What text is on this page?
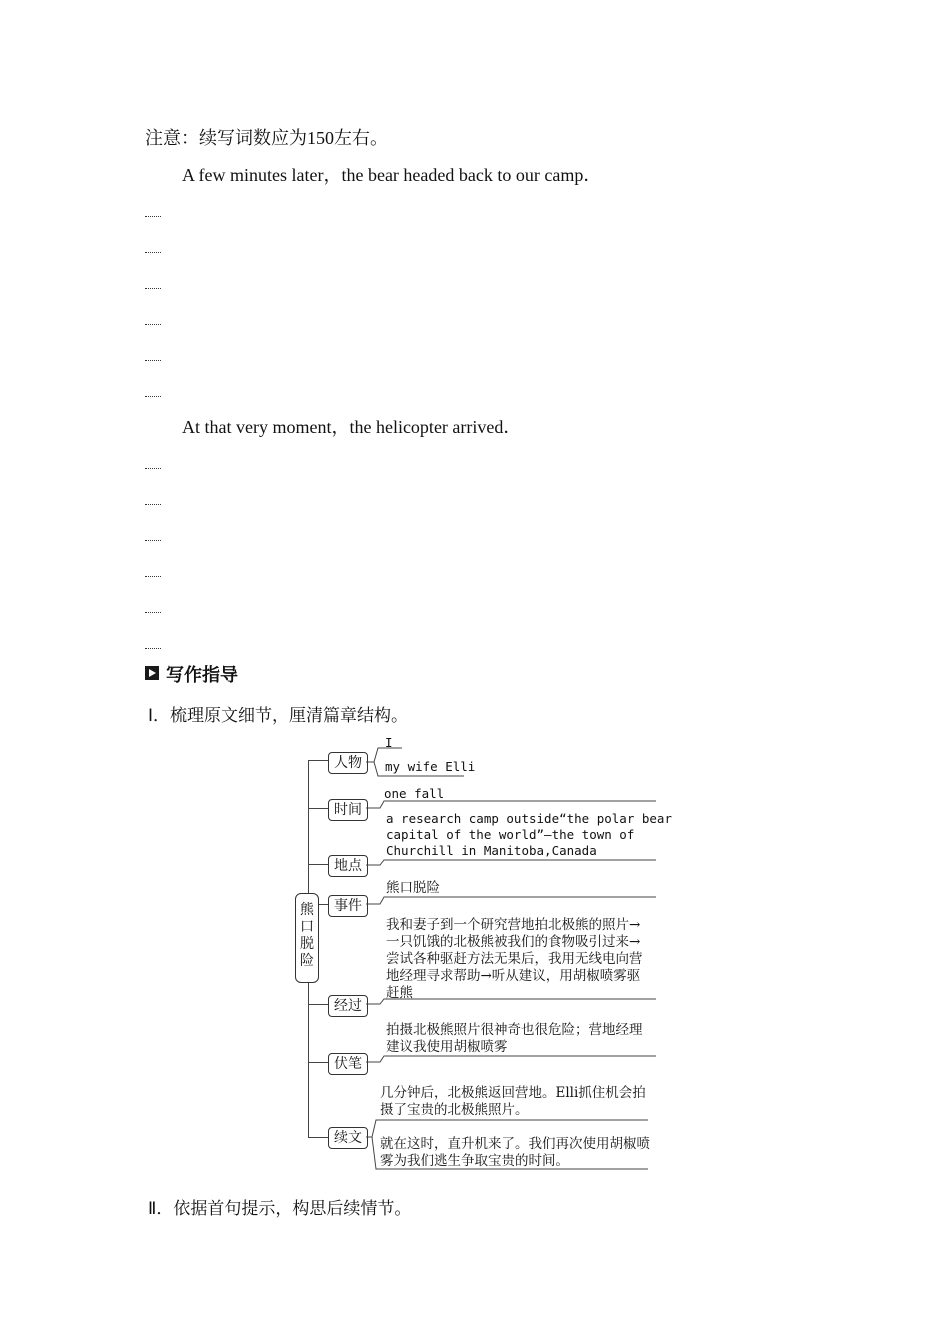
注意：续写词数应为150左右。
A few minutes later，the bear headed back to our camp．
At that very moment，the helicopter arrived．
写作指导
Ⅰ．梳理原文细节，厘清篇章结构。
熊
口
脱
险
人物
时间
地点
事件
经过
伏笔
续文
I
my wife Elli
one fall
a research camp outside“the polar bear
capital of the world”—the town of
Churchill in Manitoba,Canada
熊口脱险
我和妻子到一个研究营地拍北极熊的照片→一只饥饿的北极熊被我们的食物吸引过来→尝试各种驱赶方法无果后，我用无线电向营地经理寻求帮助→听从建议，用胡椒喷雾驱赶熊
拍摄北极熊照片很神奇也很危险；营地经理建议我使用胡椒喷雾
几分钟后，北极熊返回营地。Elli抓住机会拍摄了宝贵的北极熊照片。
就在这时，直升机来了。我们再次使用胡椒喷雾为我们逃生争取宝贵的时间。
Ⅱ．依据首句提示，构思后续情节。
